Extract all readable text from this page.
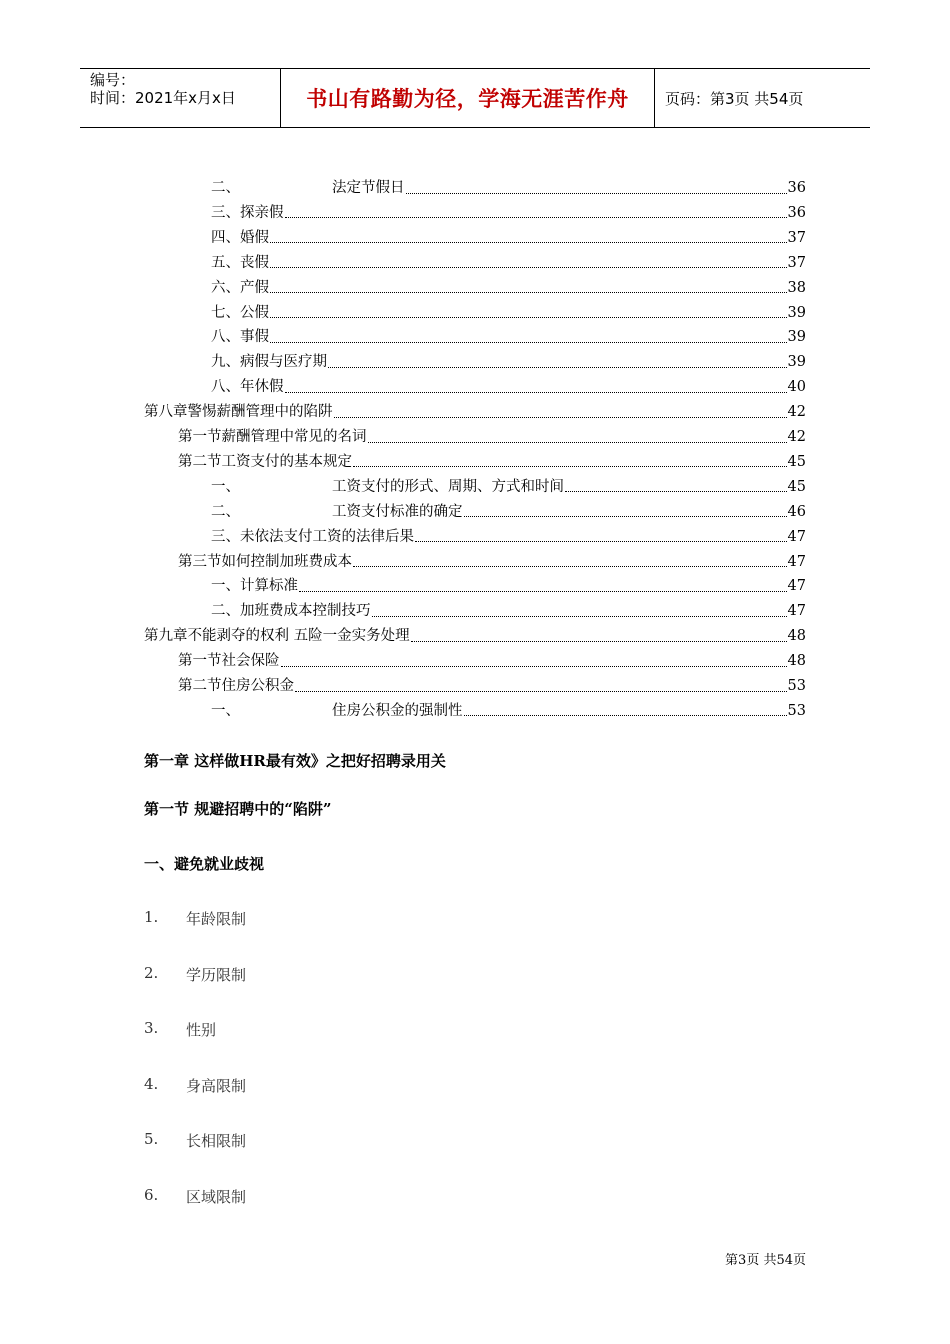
编号：
时间：2021年x月x日	书山有路勤为径，学海无涯苦作舟 页码：第3页 共54页
二、	法定节假日	36
三、探亲假	36
四、婚假	37
五、丧假	37
六、产假	38
七、公假	39
八、事假	39
九、病假与医疗期	39
八、年休假	40
第八章警惕薪酬管理中的陷阱	42
第一节薪酬管理中常见的名词	42
第二节工资支付的基本规定	45
一、	工资支付的形式、周期、方式和时间	45
二、	工资支付标准的确定	46
三、未依法支付工资的法律后果	47
第三节如何控制加班费成本	47
一、计算标准	47
二、加班费成本控制技巧	47
第九章不能剥夺的权利 五险一金实务处理	48
第一节社会保险	48
第二节住房公积金	53
一、	住房公积金的强制性	53
第一章 这样做HR最有效》之把好招聘录用关
第一节 规避招聘中的“陷阱”
一、避免就业歧视
1.	年龄限制
2.	学历限制
3.	性别
4.	身高限制
5.	长相限制
6.	区域限制
第3页 共54页
